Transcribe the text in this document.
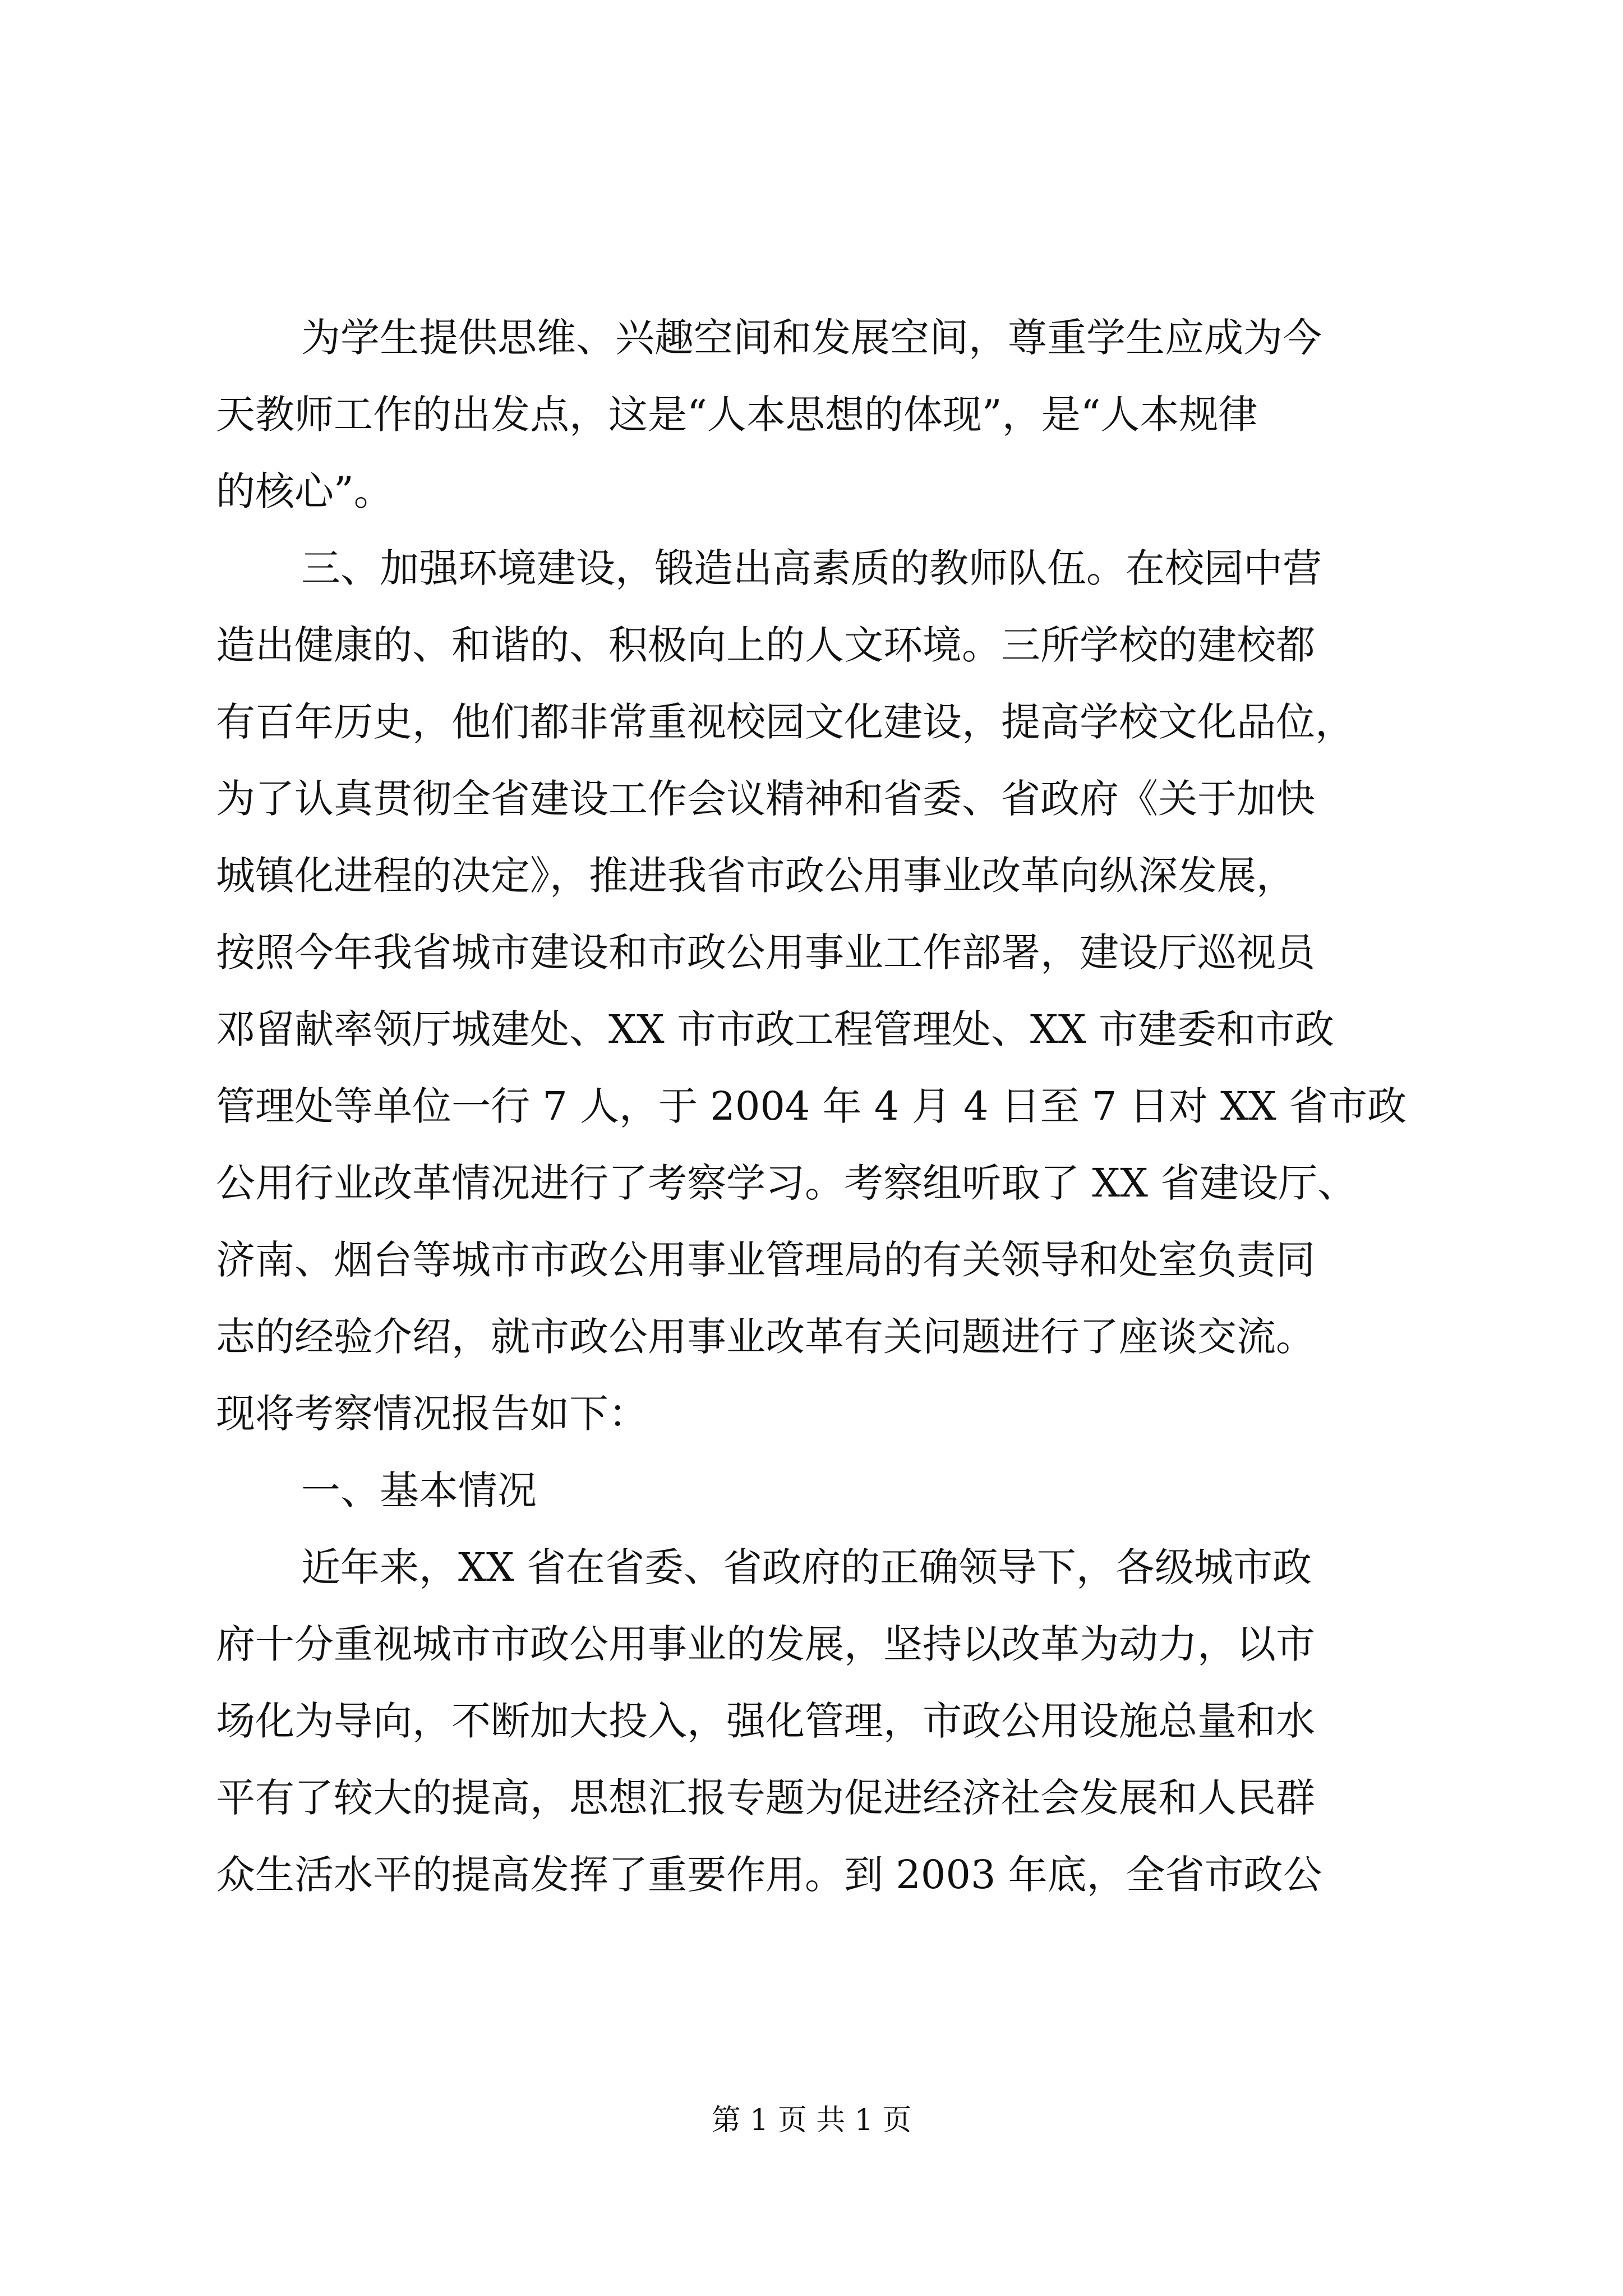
为学生提供思维、兴趣空间和发展空间，尊重学生应成为今
天教师工作的出发点，这是“人本思想的体现”，是“人本规律
的核心”。
三、加强环境建设，锻造出高素质的教师队伍。在校园中营
造出健康的、和谐的、积极向上的人文环境。三所学校的建校都
有百年历史，他们都非常重视校园文化建设，提高学校文化品位，
为了认真贯彻全省建设工作会议精神和省委、省政府《关于加快
城镇化进程的决定》，推进我省市政公用事业改革向纵深发展，
按照今年我省城市建设和市政公用事业工作部署，建设厅巡视员
邓留献率领厅城建处、XX 市市政工程管理处、XX 市建委和市政
管理处等单位一行 7 人，于 2004 年 4 月 4 日至 7 日对 XX 省市政
公用行业改革情况进行了考察学习。考察组听取了 XX 省建设厅、
济南、烟台等城市市政公用事业管理局的有关领导和处室负责同
志的经验介绍，就市政公用事业改革有关问题进行了座谈交流。
现将考察情况报告如下：
一、基本情况
近年来，XX 省在省委、省政府的正确领导下，各级城市政
府十分重视城市市政公用事业的发展，坚持以改革为动力，以市
场化为导向，不断加大投入，强化管理，市政公用设施总量和水
平有了较大的提高，思想汇报专题为促进经济社会发展和人民群
众生活水平的提高发挥了重要作用。到 2003 年底，全省市政公
第 1 页 共 1 页
